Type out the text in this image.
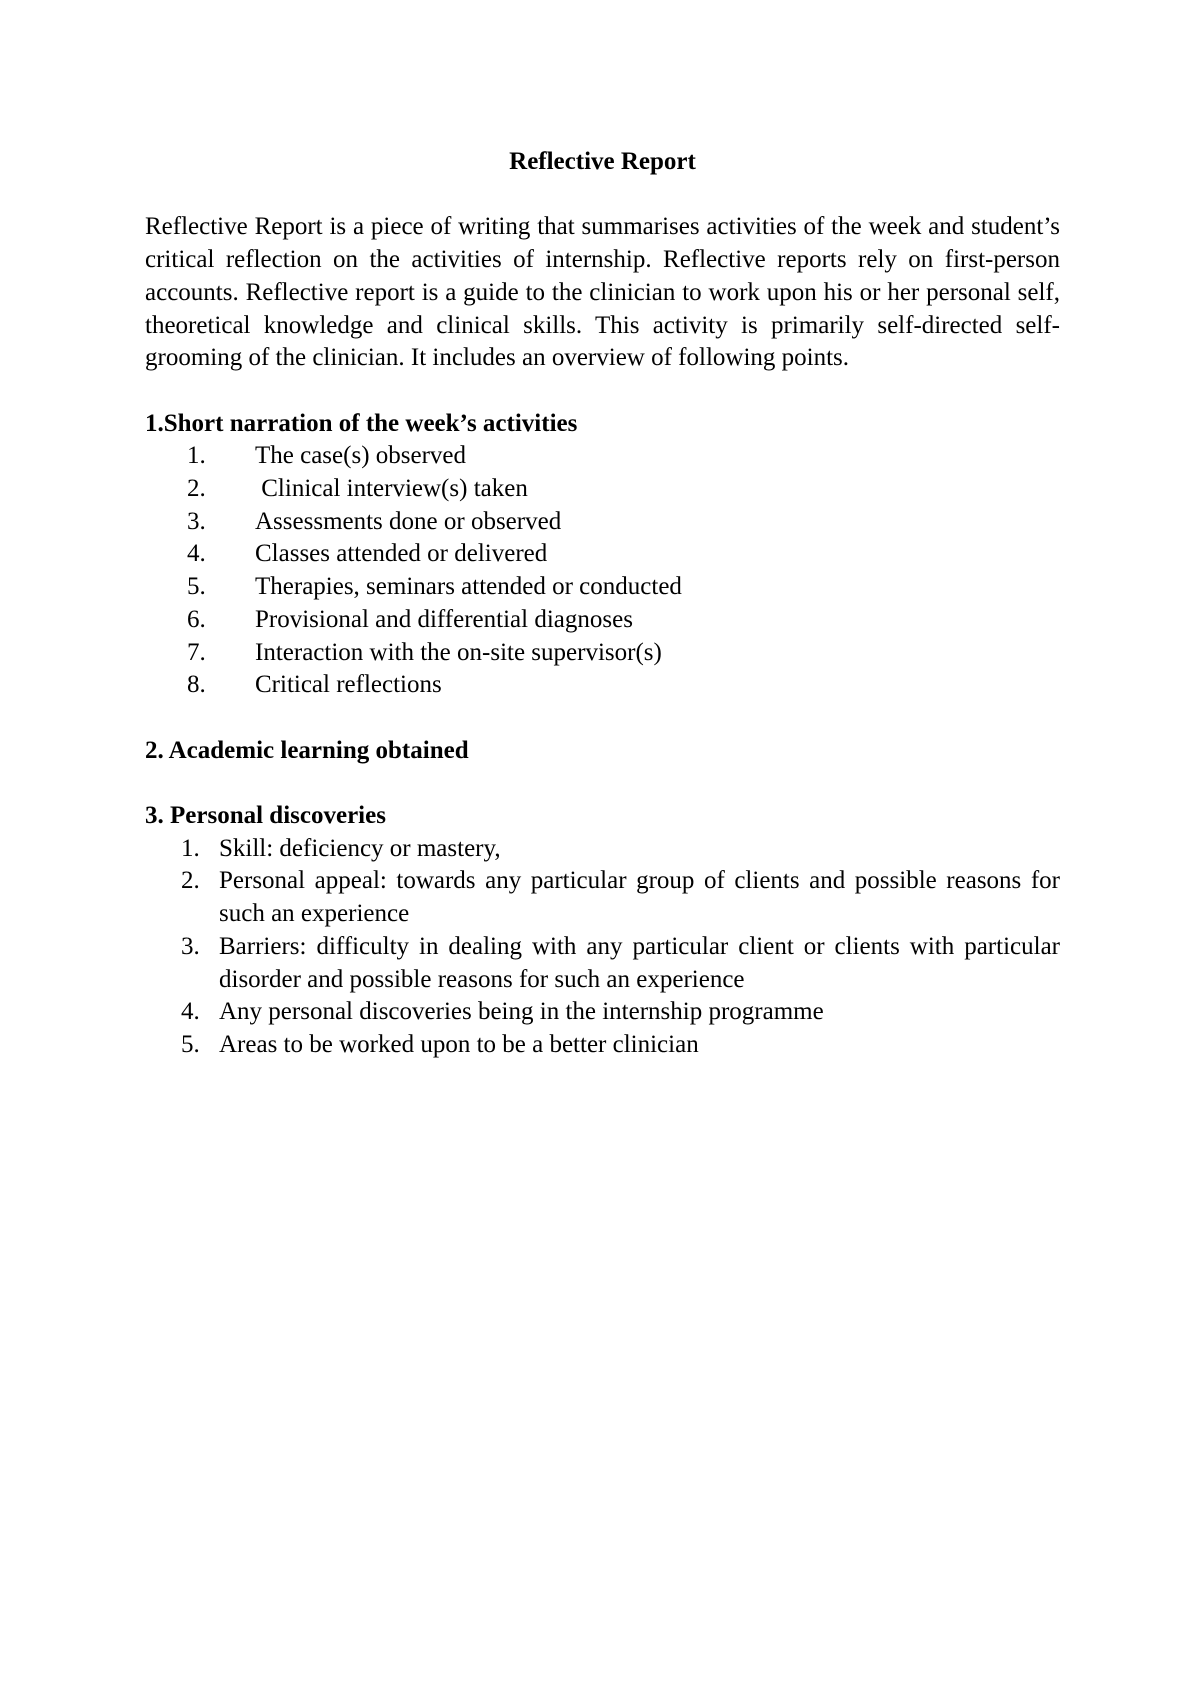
Reflective Report

Reflective Report is a piece of writing that summarises activities of the week and student’s critical reflection on the activities of internship. Reflective reports rely on first-person accounts. Reflective report is a guide to the clinician to work upon his or her personal self, theoretical knowledge and clinical skills. This activity is primarily self-directed self-grooming of the clinician. It includes an overview of following points.

1.Short narration of the week’s activities

1.	The case(s) observed
2.	Clinical interview(s) taken
3.	Assessments done or observed
4.	Classes attended or delivered
5.	Therapies, seminars attended or conducted
6.	Provisional and differential diagnoses
7.	Interaction with the on-site supervisor(s)
8.	Critical reflections

2. Academic learning obtained

3. Personal discoveries

1. Skill: deficiency or mastery,
2. Personal appeal: towards any particular group of clients and possible reasons for such an experience
3. Barriers: difficulty in dealing with any particular client or clients with particular disorder and possible reasons for such an experience
4. Any personal discoveries being in the internship programme
5. Areas to be worked upon to be a better clinician
